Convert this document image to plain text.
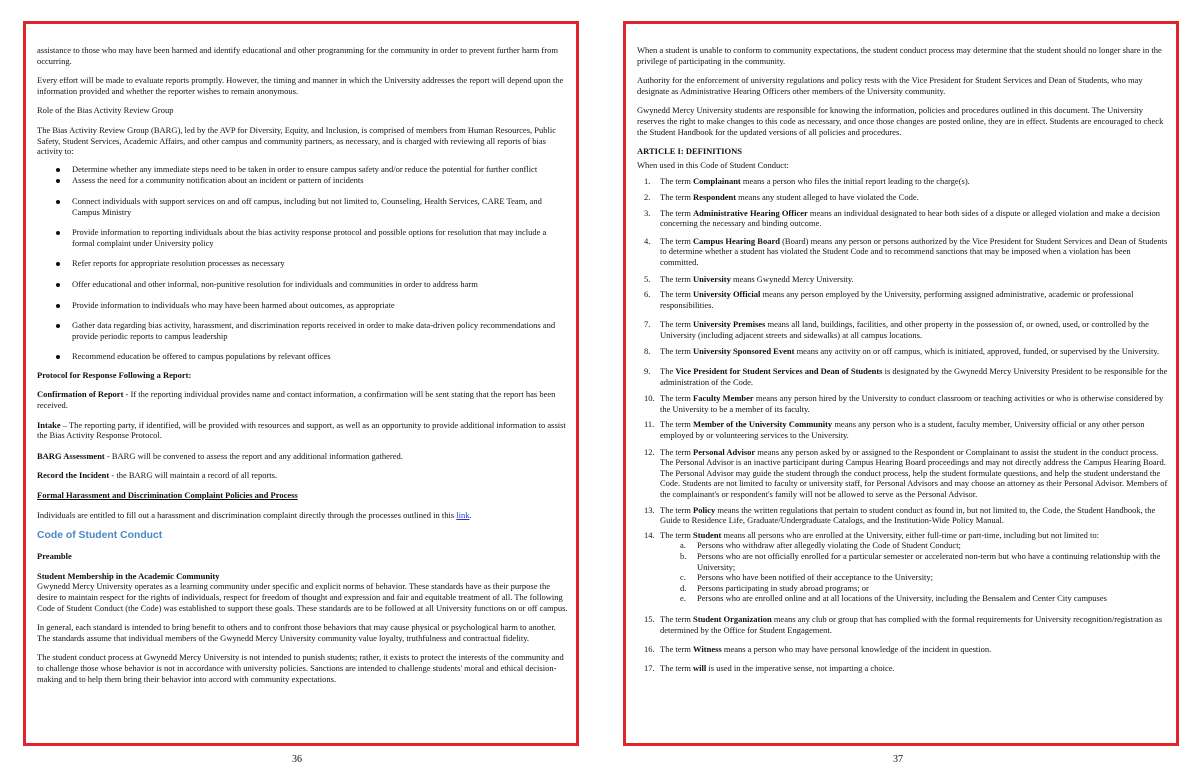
assistance to those who may have been harmed and identify educational and other programming for the community in order to prevent further harm from occurring.

Every effort will be made to evaluate reports promptly. However, the timing and manner in which the University addresses the report will depend upon the information provided and whether the reporter wishes to remain anonymous.

Role of the Bias Activity Review Group

The Bias Activity Review Group (BARG), led by the AVP for Diversity, Equity, and Inclusion, is comprised of members from Human Resources, Public Safety, Student Services, Academic Affairs, and other campus and community partners, as necessary, and is charged with reviewing all reports of bias activity to:

Determine whether any immediate steps need to be taken in order to ensure campus safety and/or reduce the potential for further conflict
Assess the need for a community notification about an incident or pattern of incidents
Connect individuals with support services on and off campus, including but not limited to, Counseling, Health Services, CARE Team, and Campus Ministry
Provide information to reporting individuals about the bias activity response protocol and possible options for resolution that may include a formal complaint under University policy
Refer reports for appropriate resolution processes as necessary
Offer educational and other informal, non-punitive resolution for individuals and communities in order to address harm
Provide information to individuals who may have been harmed about outcomes, as appropriate
Gather data regarding bias activity, harassment, and discrimination reports received in order to make data-driven policy recommendations and provide periodic reports to campus leadership
Recommend education be offered to campus populations by relevant offices

Protocol for Response Following a Report:

Confirmation of Report - If the reporting individual provides name and contact information, a confirmation will be sent stating that the report has been received.

Intake – The reporting party, if identified, will be provided with resources and support, as well as an opportunity to provide additional information to assist the Bias Activity Response Protocol.

BARG Assessment - BARG will be convened to assess the report and any additional information gathered.

Record the Incident - the BARG will maintain a record of all reports.

Formal Harassment and Discrimination Complaint Policies and Process

Individuals are entitled to fill out a harassment and discrimination complaint directly through the processes outlined in this link.

Code of Student Conduct

Preamble

Student Membership in the Academic Community

Gwynedd Mercy University operates as a learning community under specific and explicit norms of behavior. These standards have as their purpose the desire to maintain respect for the rights of individuals, respect for freedom of thought and expression and fair and equitable treatment of all. The following Code of Student Conduct (the Code) was established to support these goals. These standards are to be followed at all University functions on or off campus.

In general, each standard is intended to bring benefit to others and to confront those behaviors that may cause physical or psychological harm to another. The standards assume that individual members of the Gwynedd Mercy University community value loyalty, truthfulness and contractual fidelity.

The student conduct process at Gwynedd Mercy University is not intended to punish students; rather, it exists to protect the interests of the community and to challenge those whose behavior is not in accordance with university policies. Sanctions are intended to challenge students' moral and ethical decision-making and to help them bring their behavior into accord with community expectations.

36

When a student is unable to conform to community expectations, the student conduct process may determine that the student should no longer share in the privilege of participating in the community.

Authority for the enforcement of university regulations and policy rests with the Vice President for Student Services and Dean of Students, who may designate as Administrative Hearing Officers other members of the University community.

Gwynedd Mercy University students are responsible for knowing the information, policies and procedures outlined in this document. The University reserves the right to make changes to this code as necessary, and once those changes are posted online, they are in effect. Students are encouraged to check the Student Handbook for the updated versions of all policies and procedures.

ARTICLE I: DEFINITIONS

When used in this Code of Student Conduct:

1. The term Complainant means a person who files the initial report leading to the charge(s).
2. The term Respondent means any student alleged to have violated the Code.
3. The term Administrative Hearing Officer means an individual designated to hear both sides of a dispute or alleged violation and make a decision concerning the necessary and binding outcome.
4. The term Campus Hearing Board (Board) means any person or persons authorized by the Vice President for Student Services and Dean of Students to determine whether a student has violated the Student Code and to recommend sanctions that may be imposed when a violation has been committed.
5. The term University means Gwynedd Mercy University.
6. The term University Official means any person employed by the University, performing assigned administrative, academic or professional responsibilities.
7. The term University Premises means all land, buildings, facilities, and other property in the possession of, or owned, used, or controlled by the University (including adjacent streets and sidewalks) at all campus locations.
8. The term University Sponsored Event means any activity on or off campus, which is initiated, approved, funded, or supervised by the University.
9. The Vice President for Student Services and Dean of Students is designated by the Gwynedd Mercy University President to be responsible for the administration of the Code.
10. The term Faculty Member means any person hired by the University to conduct classroom or teaching activities or who is otherwise considered by the University to be a member of its faculty.
11. The term Member of the University Community means any person who is a student, faculty member, University official or any other person employed by or volunteering services to the University.
12. The term Personal Advisor means any person asked by or assigned to the Respondent or Complainant to assist the student in the conduct process. The Personal Advisor is an inactive participant during Campus Hearing Board proceedings and may not directly address the Campus Hearing Board. The Personal Advisor may guide the student through the conduct process, help the student formulate questions, and help the student understand the Code. Students are not limited to faculty or university staff, for Personal Advisors and may choose an attorney as their Personal Advisor. Members of the complainant's or respondent's family will not be allowed to serve as the Personal Advisor.
13. The term Policy means the written regulations that pertain to student conduct as found in, but not limited to, the Code, the Student Handbook, the Guide to Residence Life, Graduate/Undergraduate Catalogs, and the Institution-Wide Policy Manual.
14. The term Student means all persons who are enrolled at the University, either full-time or part-time, including but not limited to:
a. Persons who withdraw after allegedly violating the Code of Student Conduct;
b. Persons who are not officially enrolled for a particular semester or accelerated non-term but who have a continuing relationship with the University;
c. Persons who have been notified of their acceptance to the University;
d. Persons participating in study abroad programs; or
e. Persons who are enrolled online and at all locations of the University, including the Bensalem and Center City campuses
15. The term Student Organization means any club or group that has complied with the formal requirements for University recognition/registration as determined by the Office for Student Engagement.
16. The term Witness means a person who may have personal knowledge of the incident in question.
17. The term will is used in the imperative sense, not imparting a choice.
37
